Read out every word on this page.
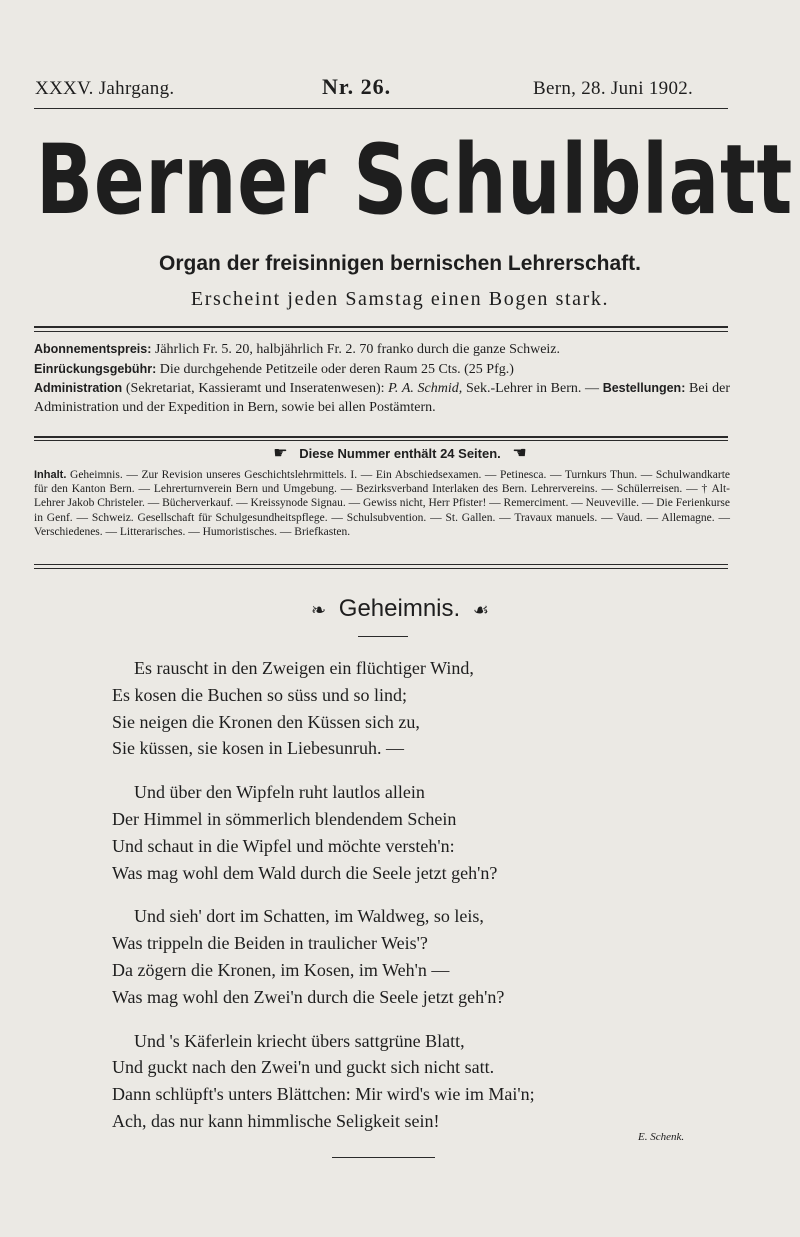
XXXV. Jahrgang.	Nr. 26.	Bern, 28. Juni 1902.
Berner Schulblatt
Organ der freisinnigen bernischen Lehrerschaft.
Erscheint jeden Samstag einen Bogen stark.
Abonnementspreis: Jährlich Fr. 5. 20, halbjährlich Fr. 2. 70 franko durch die ganze Schweiz.
Einrückungsgebühr: Die durchgehende Petitzeile oder deren Raum 25 Cts. (25 Pfg.)
Administration (Sekretariat, Kassieramt und Inseratenwesen): P. A. Schmid, Sek.-Lehrer in Bern. — Bestellungen: Bei der Administration und der Expedition in Bern, sowie bei allen Postämtern.
☛ Diese Nummer enthält 24 Seiten. ☚
Inhalt. Geheimnis. — Zur Revision unseres Geschichtslehrmittels. I. — Ein Abschiedsexamen. — Petinesca. — Turnkurs Thun. — Schulwandkarte für den Kanton Bern. — Lehrerturnverein Bern und Umgebung. — Bezirksverband Interlaken des Bern. Lehrervereins. — Schülerreisen. — † Alt-Lehrer Jakob Christeler. — Bücherverkauf. — Kreissynode Signau. — Gewiss nicht, Herr Pfister! — Remerciment. — Neuveville. — Die Ferienkurse in Genf. — Schweiz. Gesellschaft für Schulgesundheitspflege. — Schulsubvention. — St. Gallen. — Travaux manuels. — Vaud. — Allemagne. — Verschiedenes. — Litterarisches. — Humoristisches. — Briefkasten.
❧ Geheimnis. ☙
Es rauscht in den Zweigen ein flüchtiger Wind,
Es kosen die Buchen so süss und so lind;
Sie neigen die Kronen den Küssen sich zu,
Sie küssen, sie kosen in Liebesunruh. —
Und über den Wipfeln ruht lautlos allein
Der Himmel in sömmerlich blendendem Schein
Und schaut in die Wipfel und möchte versteh'n:
Was mag wohl dem Wald durch die Seele jetzt geh'n?
Und sieh' dort im Schatten, im Waldweg, so leis,
Was trippeln die Beiden in traulicher Weis'?
Da zögern die Kronen, im Kosen, im Weh'n —
Was mag wohl den Zwei'n durch die Seele jetzt geh'n?
Und 's Käferlein kriecht übers sattgrüne Blatt,
Und guckt nach den Zwei'n und guckt sich nicht satt.
Dann schlüpft's unters Blättchen: Mir wird's wie im Mai'n;
Ach, das nur kann himmlische Seligkeit sein!
E. Schenk.
